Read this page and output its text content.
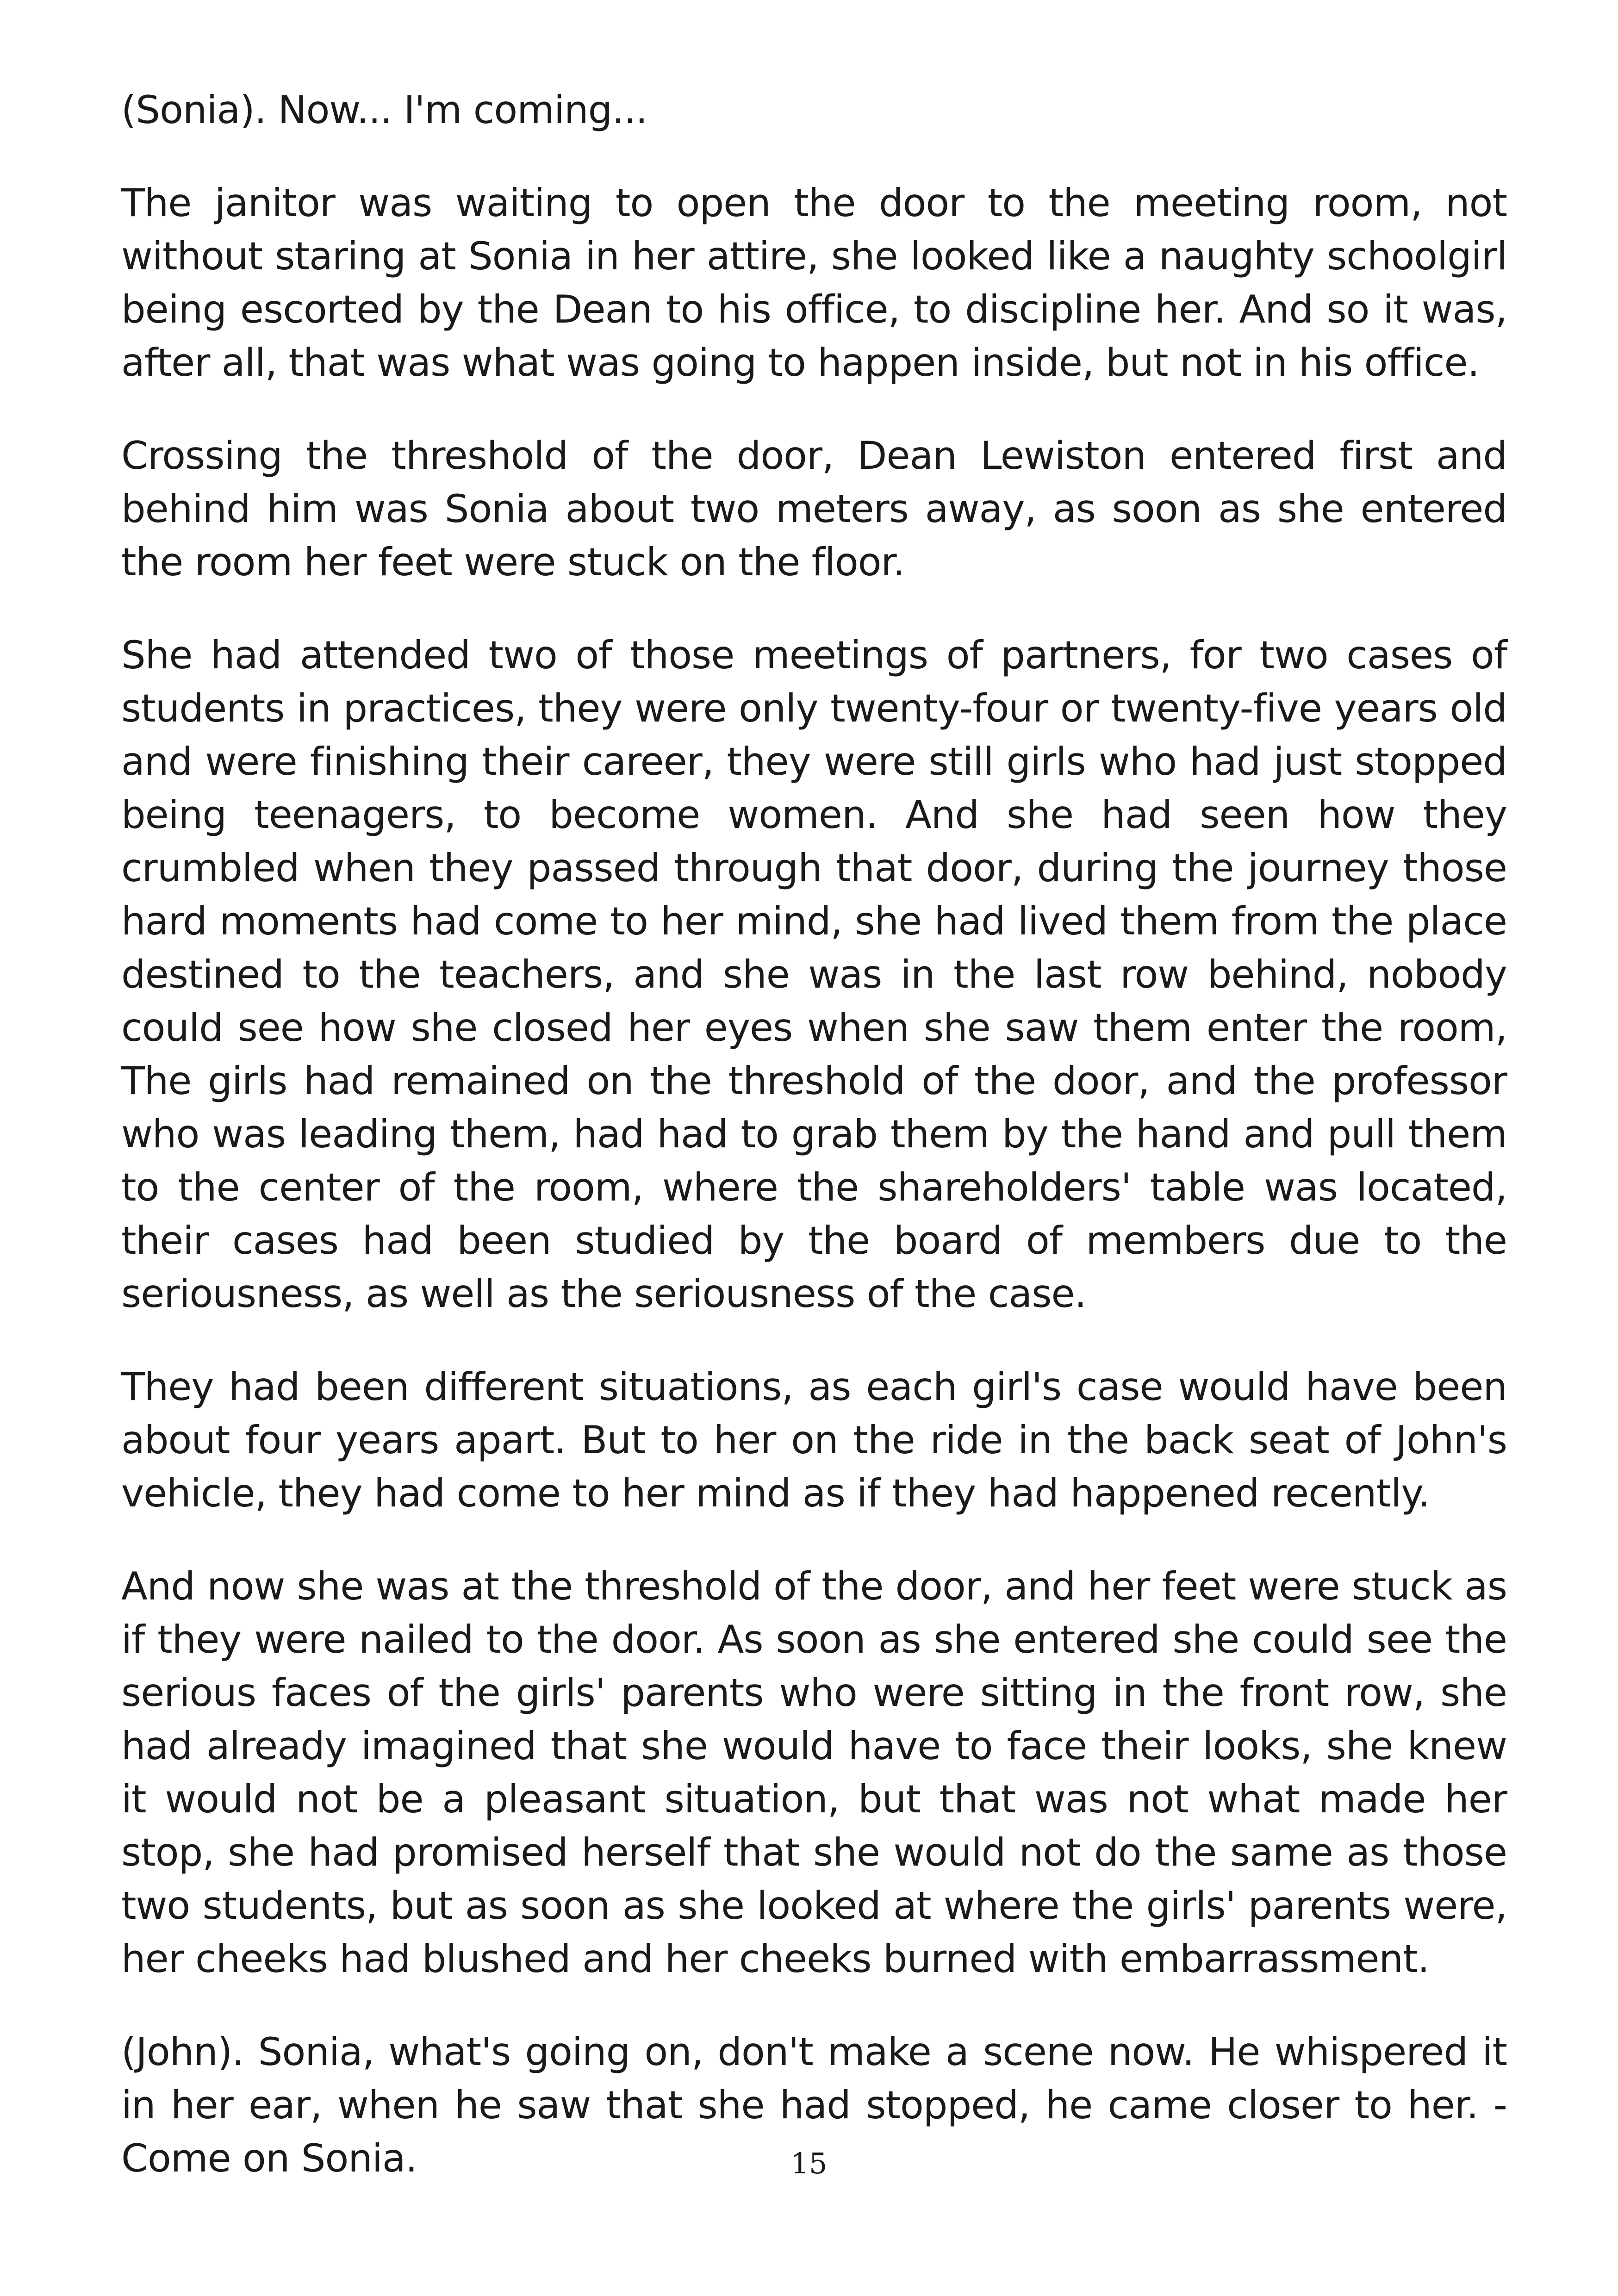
(Sonia). Now... I'm coming...

The janitor was waiting to open the door to the meeting room, not without staring at Sonia in her attire, she looked like a naughty schoolgirl being escorted by the Dean to his office, to discipline her. And so it was, after all, that was what was going to happen inside, but not in his office.

Crossing the threshold of the door, Dean Lewiston entered first and behind him was Sonia about two meters away, as soon as she entered the room her feet were stuck on the floor.

She had attended two of those meetings of partners, for two cases of students in practices, they were only twenty-four or twenty-five years old and were finishing their career, they were still girls who had just stopped being teenagers, to become women. And she had seen how they crumbled when they passed through that door, during the journey those hard moments had come to her mind, she had lived them from the place destined to the teachers, and she was in the last row behind, nobody could see how she closed her eyes when she saw them enter the room, The girls had remained on the threshold of the door, and the professor who was leading them, had had to grab them by the hand and pull them to the center of the room, where the shareholders' table was located, their cases had been studied by the board of members due to the seriousness, as well as the seriousness of the case.

They had been different situations, as each girl's case would have been about four years apart. But to her on the ride in the back seat of John's vehicle, they had come to her mind as if they had happened recently.

And now she was at the threshold of the door, and her feet were stuck as if they were nailed to the door. As soon as she entered she could see the serious faces of the girls' parents who were sitting in the front row, she had already imagined that she would have to face their looks, she knew it would not be a pleasant situation, but that was not what made her stop, she had promised herself that she would not do the same as those two students, but as soon as she looked at where the girls' parents were, her cheeks had blushed and her cheeks burned with embarrassment.

(John). Sonia, what's going on, don't make a scene now. He whispered it in her ear, when he saw that she had stopped, he came closer to her. - Come on Sonia.	15
